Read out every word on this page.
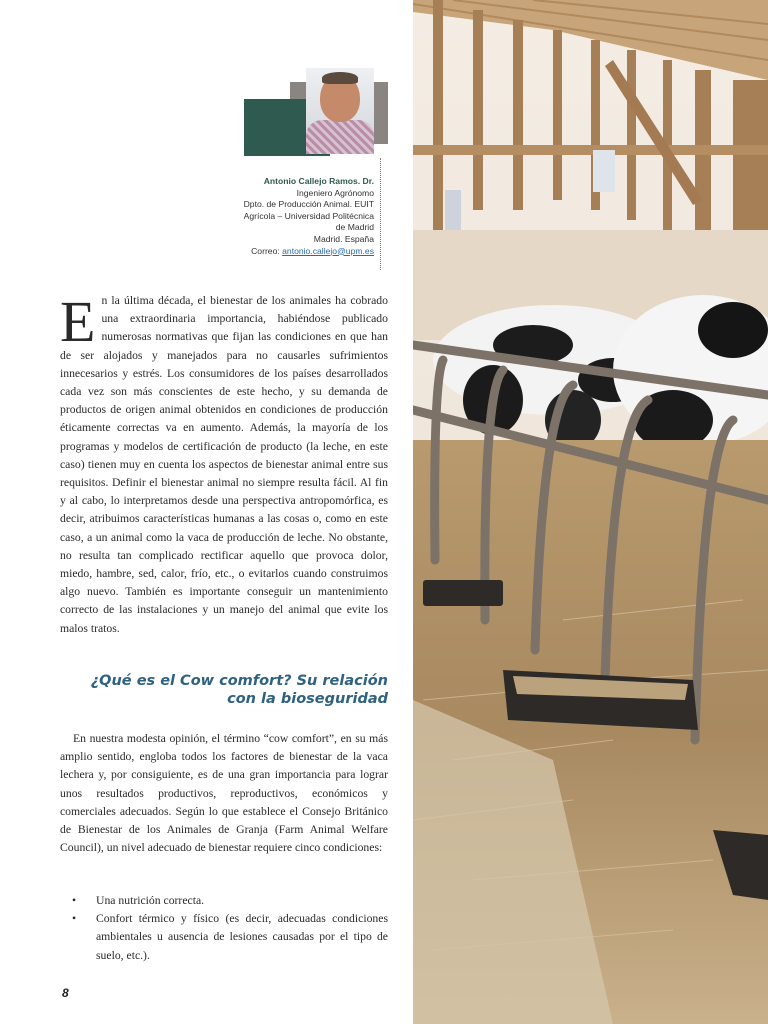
Antonio Callejo Ramos. Dr.
Ingeniero Agrónomo
Dpto. de Producción Animal. EUIT
Agrícola – Universidad Politécnica
de Madrid
Madrid. España
Correo: antonio.callejo@upm.es

E n la última década, el bienestar de los animales ha cobrado una extraordinaria importancia, habiéndose publicado numerosas normativas que fijan las condiciones en que han de ser alojados y manejados para no causarles sufrimientos innecesarios y estrés. Los consumidores de los países desarrollados cada vez son más conscientes de este hecho, y su demanda de productos de origen animal obtenidos en condiciones de producción éticamente correctas va en aumento. Además, la mayoría de los programas y modelos de certificación de producto (la leche, en este caso) tienen muy en cuenta los aspectos de bienestar animal entre sus requisitos. Definir el bienestar animal no siempre resulta fácil. Al fin y al cabo, lo interpretamos desde una perspectiva antropomórfica, es decir, atribuimos características humanas a las cosas o, como en este caso, a un animal como la vaca de producción de leche. No obstante, no resulta tan complicado rectificar aquello que provoca dolor, miedo, hambre, sed, calor, frío, etc., o evitarlos cuando construimos algo nuevo. También es importante conseguir un mantenimiento correcto de las instalaciones y un manejo del animal que evite los malos tratos.

¿Qué es el Cow comfort? Su relación
con la bioseguridad

En nuestra modesta opinión, el término “cow comfort”, en su más amplio sentido, engloba todos los factores de bienestar de la vaca lechera y, por consiguiente, es de una gran importancia para lograr unos resultados productivos, reproductivos, económicos y comerciales adecuados. Según lo que establece el Consejo Británico de Bienestar de los Animales de Granja (Farm Animal Welfare Council), un nivel adecuado de bienestar requiere cinco condiciones:

• Una nutrición correcta.
• Confort térmico y físico (es decir, adecuadas condiciones ambientales u ausencia de lesiones causadas por el tipo de suelo, etc.).
8
